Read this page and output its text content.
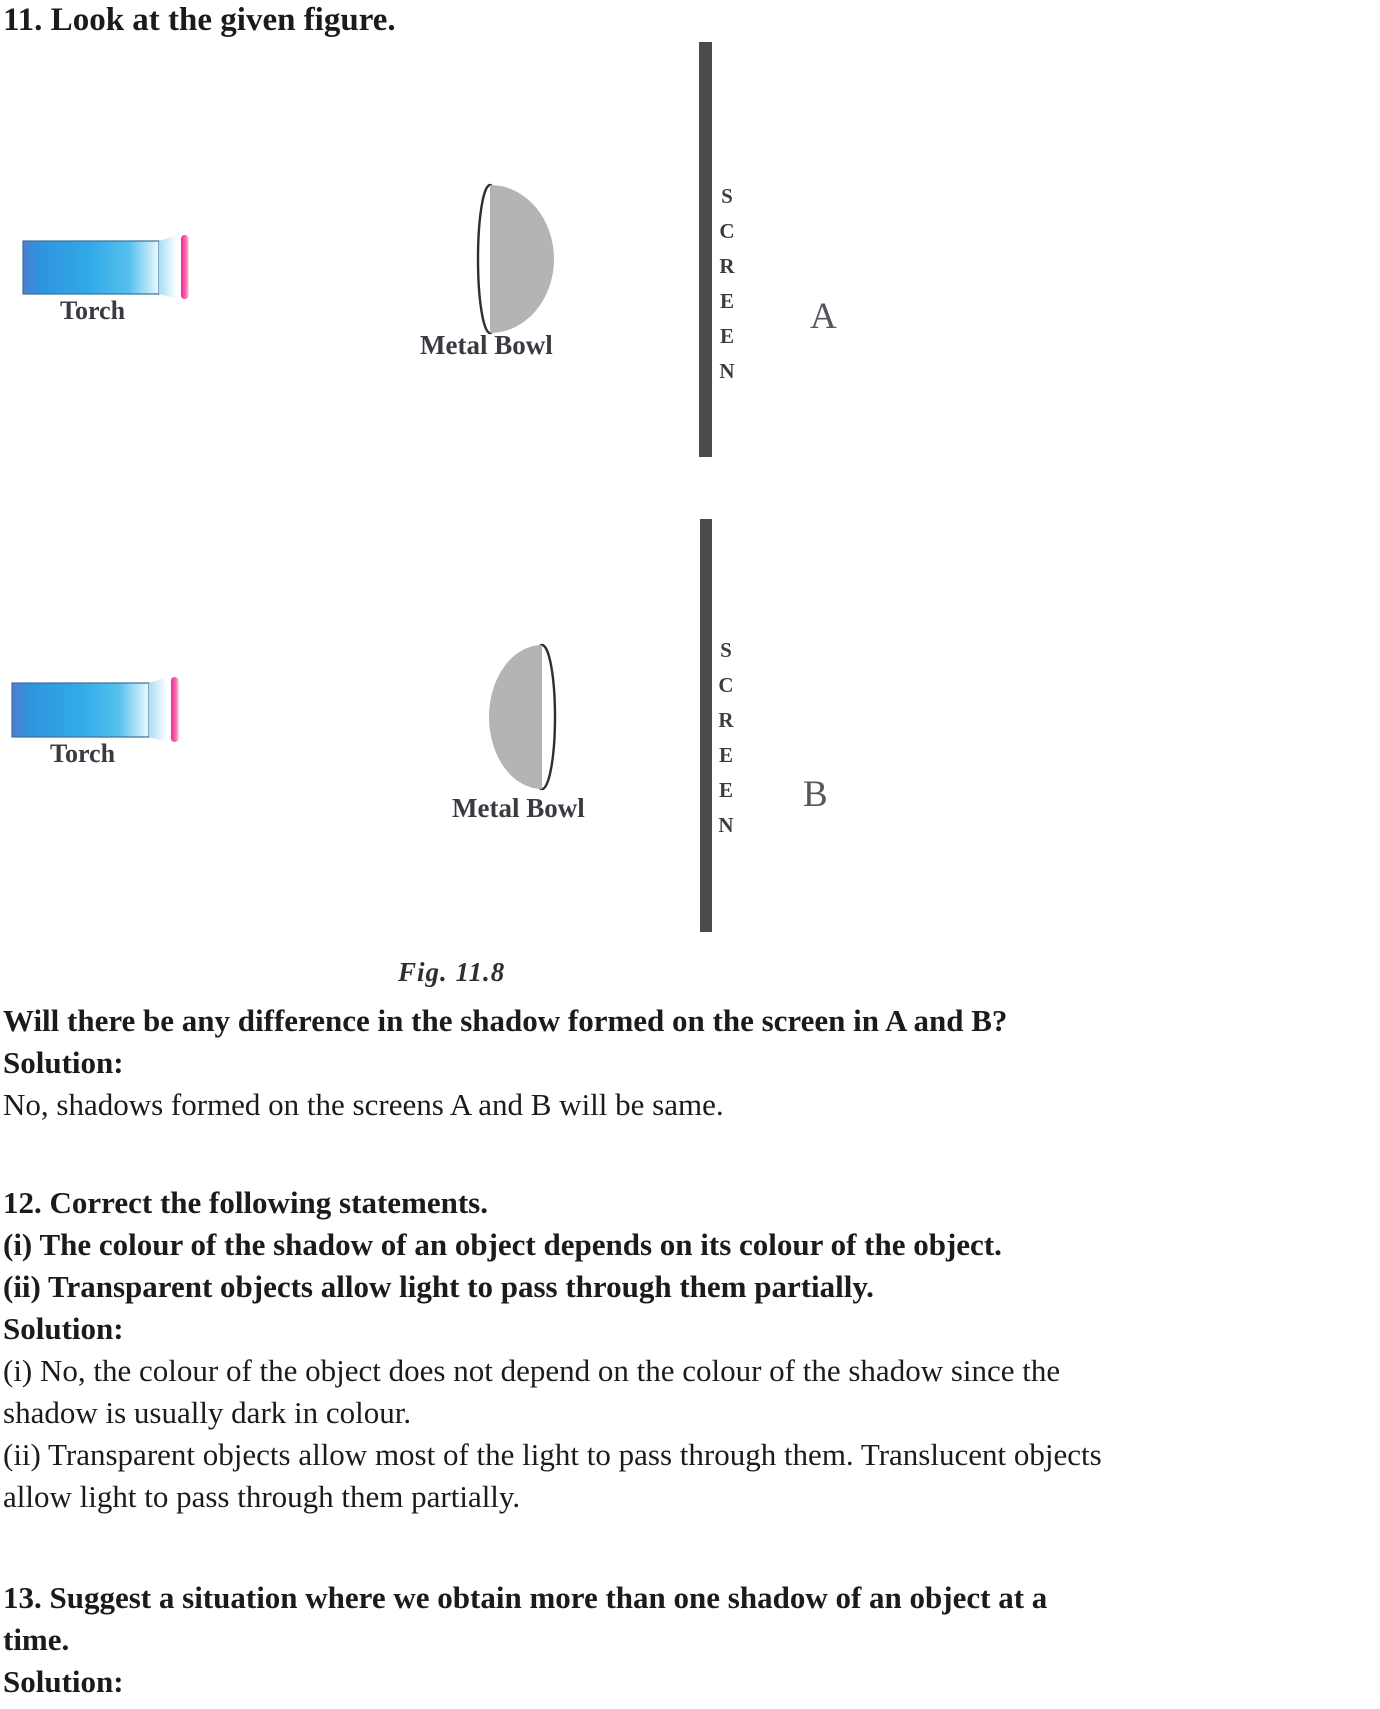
11. Look at the given figure.
Torch
Metal Bowl	SCREEN A
Torch
Metal Bowl	SCREEN B
Fig. 11.8
Will there be any difference in the shadow formed on the screen in A and B?
Solution:
No, shadows formed on the screens A and B will be same.
12. Correct the following statements.
(i) The colour of the shadow of an object depends on its colour of the object.
(ii) Transparent objects allow light to pass through them partially.
Solution:
(i) No, the colour of the object does not depend on the colour of the shadow since the
shadow is usually dark in colour.
(ii) Transparent objects allow most of the light to pass through them. Translucent objects
allow light to pass through them partially.
13. Suggest a situation where we obtain more than one shadow of an object at a
time.
Solution:
